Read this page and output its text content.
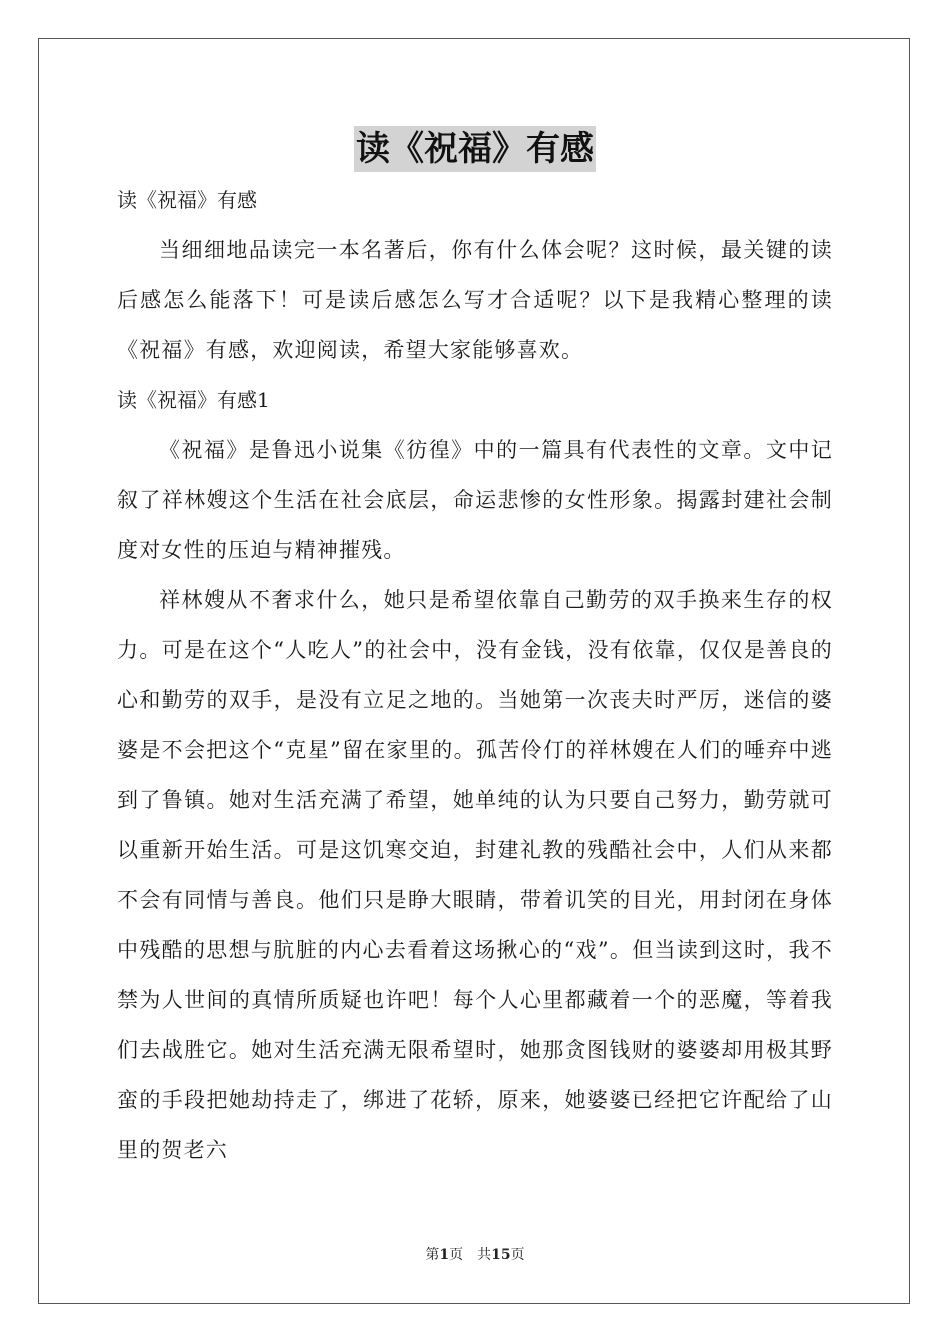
读《祝福》有感

读《祝福》有感

当细细地品读完一本名著后，你有什么体会呢？这时候，最关键的读后感怎么能落下！可是读后感怎么写才合适呢？以下是我精心整理的读《祝福》有感，欢迎阅读，希望大家能够喜欢。

读《祝福》有感1

《祝福》是鲁迅小说集《彷徨》中的一篇具有代表性的文章。文中记叙了祥林嫂这个生活在社会底层，命运悲惨的女性形象。揭露封建社会制度对女性的压迫与精神摧残。

祥林嫂从不奢求什么，她只是希望依靠自己勤劳的双手换来生存的权力。可是在这个“人吃人”的社会中，没有金钱，没有依靠，仅仅是善良的心和勤劳的双手，是没有立足之地的。当她第一次丧夫时严厉，迷信的婆婆是不会把这个“克星”留在家里的。孤苦伶仃的祥林嫂在人们的唾弃中逃到了鲁镇。她对生活充满了希望，她单纯的认为只要自己努力，勤劳就可以重新开始生活。可是这饥寒交迫，封建礼教的残酷社会中，人们从来都不会有同情与善良。他们只是睁大眼睛，带着讥笑的目光，用封闭在身体中残酷的思想与肮脏的内心去看着这场揪心的“戏”。但当读到这时，我不禁为人世间的真情所质疑也许吧！每个人心里都藏着一个的恶魔，等着我们去战胜它。她对生活充满无限希望时，她那贪图钱财的婆婆却用极其野蛮的手段把她劫持走了，绑进了花轿，原来，她婆婆已经把它许配给了山里的贺老六

第1页 共15页
